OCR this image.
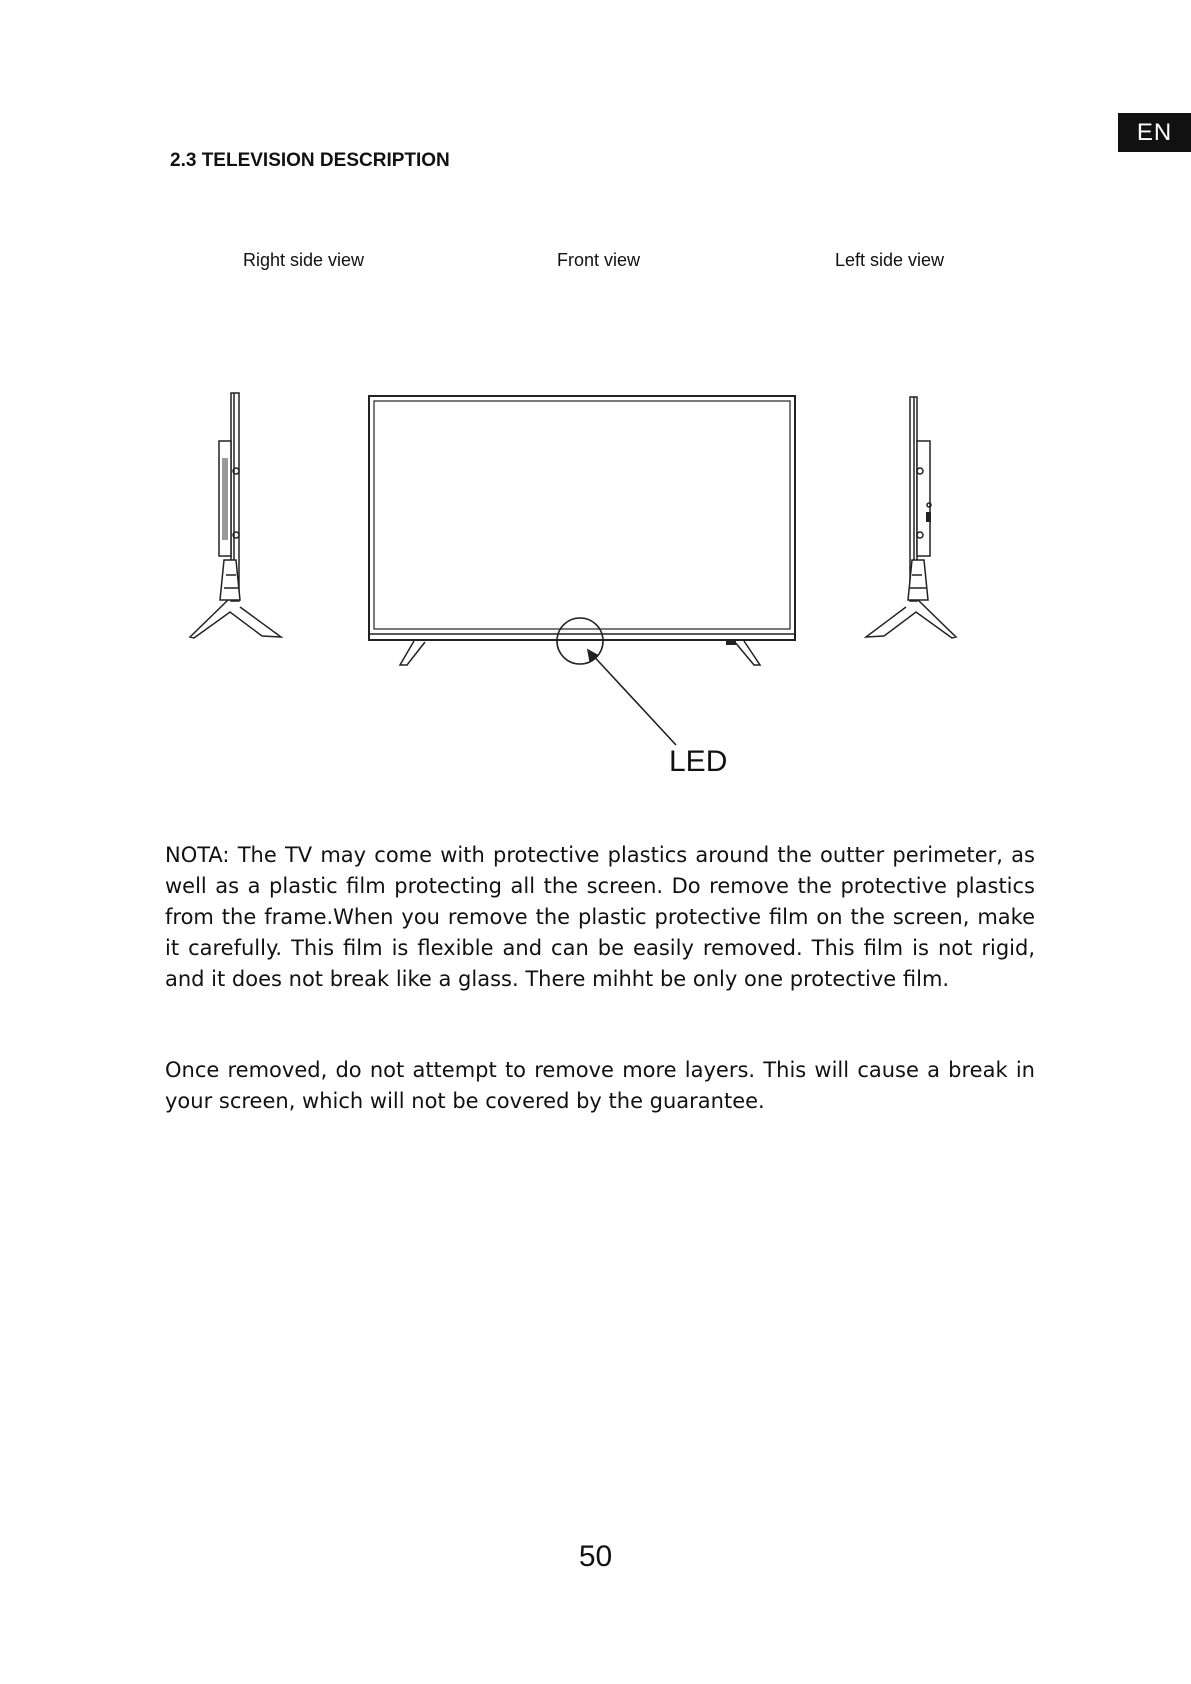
EN
2.3 TELEVISION DESCRIPTION
Right side view	Front view	Left side view
LED

NOTA: The TV may come with protective plastics around the outter perimeter, as well as a plastic film protecting all the screen. Do remove the protective plastics from the frame.When you remove the plastic protective film on the screen, make it carefully. This film is flexible and can be easily removed. This film is not rigid, and it does not break like a glass. There mihht be only one protective film.

Once removed, do not attempt to remove more layers. This will cause a break in your screen, which will not be covered by the guarantee.

50
